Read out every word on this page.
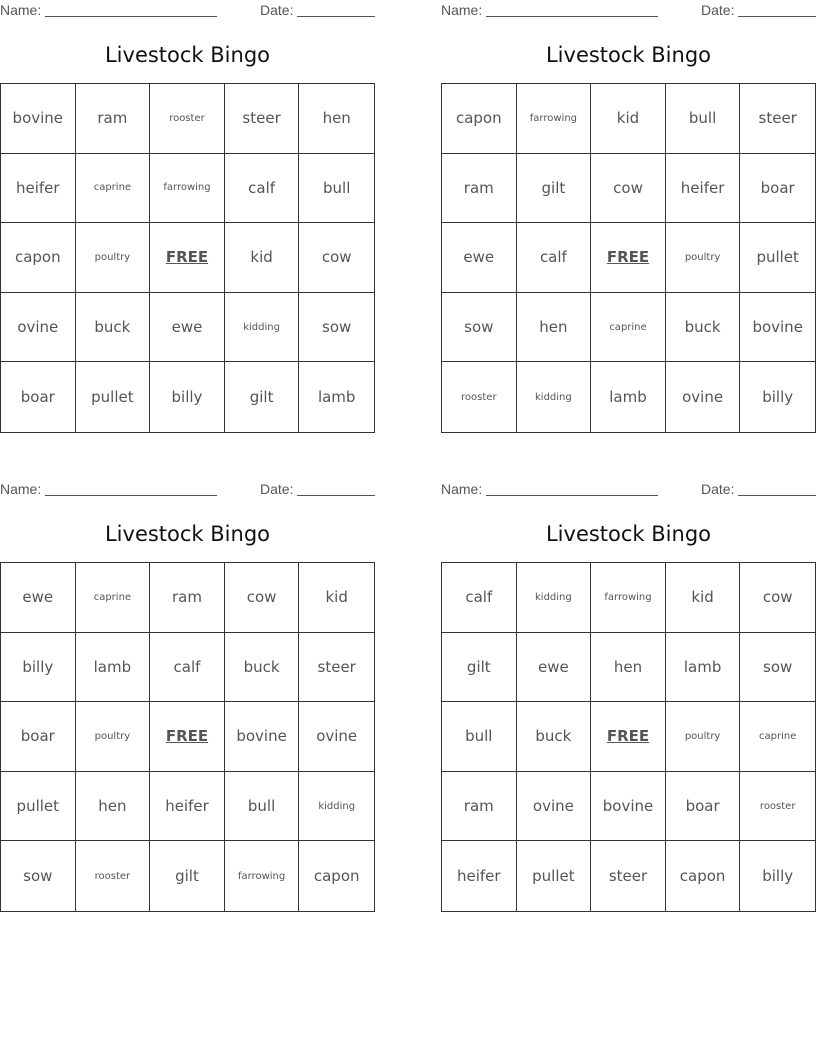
Name:	Date:
Livestock Bingo
bovine	ram	rooster	steer	hen
heifer	caprine	farrowing	calf	bull
capon	poultry	FREE	kid	cow
ovine	buck	ewe	kidding	sow
boar	pullet	billy	gilt	lamb
Name:	Date:
Livestock Bingo
capon	farrowing	kid	bull	steer
ram	gilt	cow	heifer	boar
ewe	calf	FREE	poultry	pullet
sow	hen	caprine	buck	bovine
rooster	kidding	lamb	ovine	billy
Name:	Date:
Livestock Bingo
ewe	caprine	ram	cow	kid
billy	lamb	calf	buck	steer
boar	poultry	FREE	bovine	ovine
pullet	hen	heifer	bull	kidding
sow	rooster	gilt	farrowing	capon
Name:	Date:
Livestock Bingo
calf	kidding	farrowing	kid	cow
gilt	ewe	hen	lamb	sow
bull	buck	FREE	poultry	caprine
ram	ovine	bovine	boar	rooster
heifer	pullet	steer	capon	billy
